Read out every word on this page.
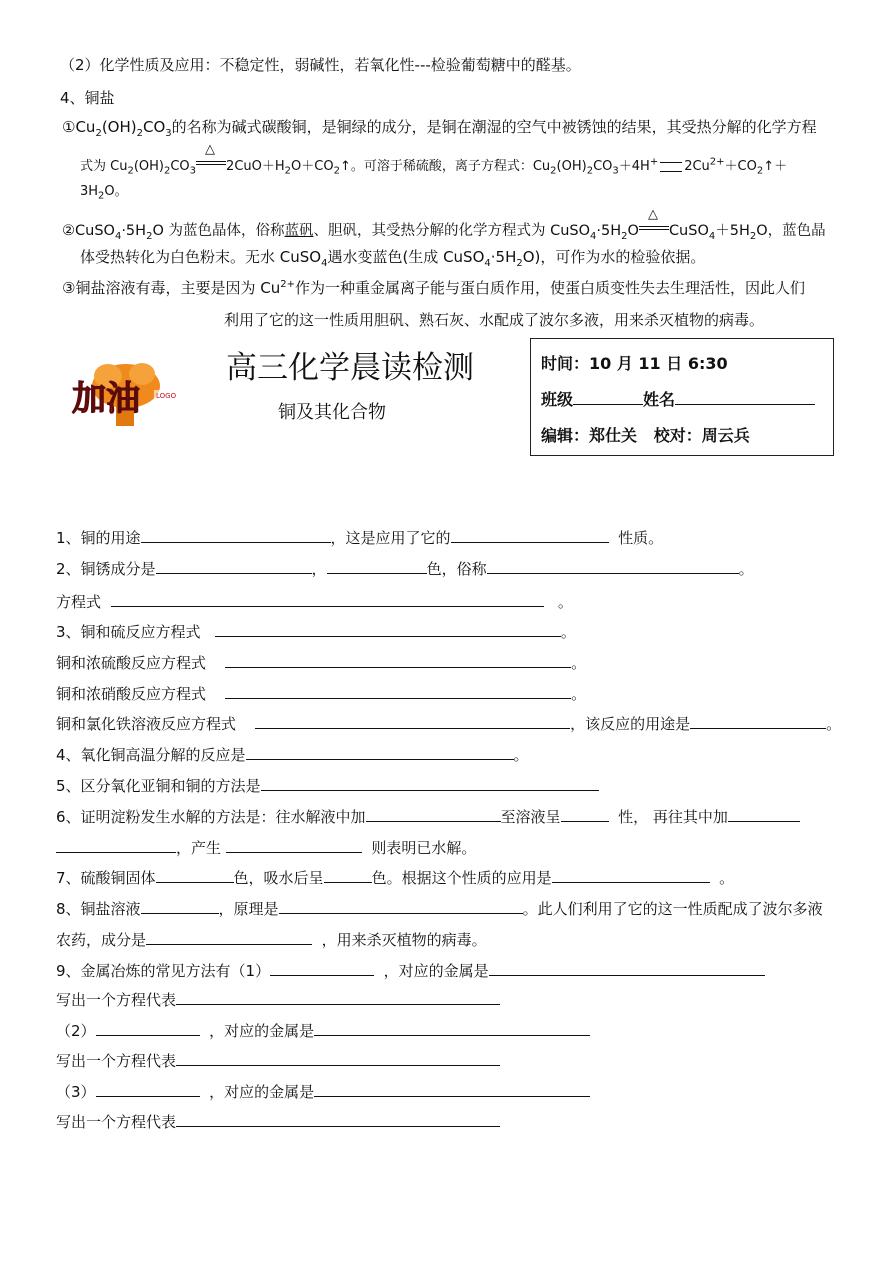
（2）化学性质及应用：不稳定性，弱碱性，若氧化性---检验葡萄糖中的醛基。
4、铜盐
$①Cu_2(OH)_2CO_3$的名称为碱式碳酸铜，是铜绿的成分，是铜在潮湿的空气中被锈蚀的结果，其受热分解的化学方程
式为 $Cu_2(OH)_2CO_3$
△
$2CuO+H_2O+CO_2↑$。可溶于稀硫酸，离子方程式：$Cu_2(OH)_2CO_3+4H^+$ $2Cu^{2+}+CO_2↑+$
$3H_2O$。
$②CuSO_4\cdot 5H_2O$ 为蓝色晶体，俗称蓝矾、胆矾，其受热分解的化学方程式为 $CuSO_4\cdot 5H_2O$
△
$CuSO_4+5H_2O$，蓝色晶
体受热转化为白色粉末。无水 CuSO$_4$遇水变蓝色(生成 $CuSO_4\cdot 5H_2O$)，可作为水的检验依据。
③铜盐溶液有毒，主要是因为 $Cu^{2+}$作为一种重金属离子能与蛋白质作用，使蛋白质变性失去生理活性，因此人们
利用了它的这一性质用胆矾、熟石灰、水配成了波尔多液，用来杀灭植物的病毒。
加油 LOGO
高三化学晨读检测
铜及其化合物
时间：10 月 11 日 6:30
班级	姓名
编辑：郑仕关 校对：周云兵
1、铜的用途	，这是应用了它的	性质。
2、铜锈成分是	，	色，俗称	。
方程式	。
3、铜和硫反应方程式	。
铜和浓硫酸反应方程式	。
铜和浓硝酸反应方程式	。
铜和氯化铁溶液反应方程式	，该反应的用途是	。
4、氧化铜高温分解的反应是	。
5、区分氧化亚铜和铜的方法是
6、证明淀粉发生水解的方法是：往水解液中加	至溶液呈	性， 再往其中加
，产生	则表明已水解。
7、硫酸铜固体	色，吸水后呈	色。根据这个性质的应用是	。
8、铜盐溶液	，原理是	。此人们利用了它的这一性质配成了波尔多液
农药，成分是	，用来杀灭植物的病毒。
9、金属冶炼的常见方法有（1）	，对应的金属是
写出一个方程代表
（2）	，对应的金属是
写出一个方程代表
（3）	，对应的金属是
写出一个方程代表
